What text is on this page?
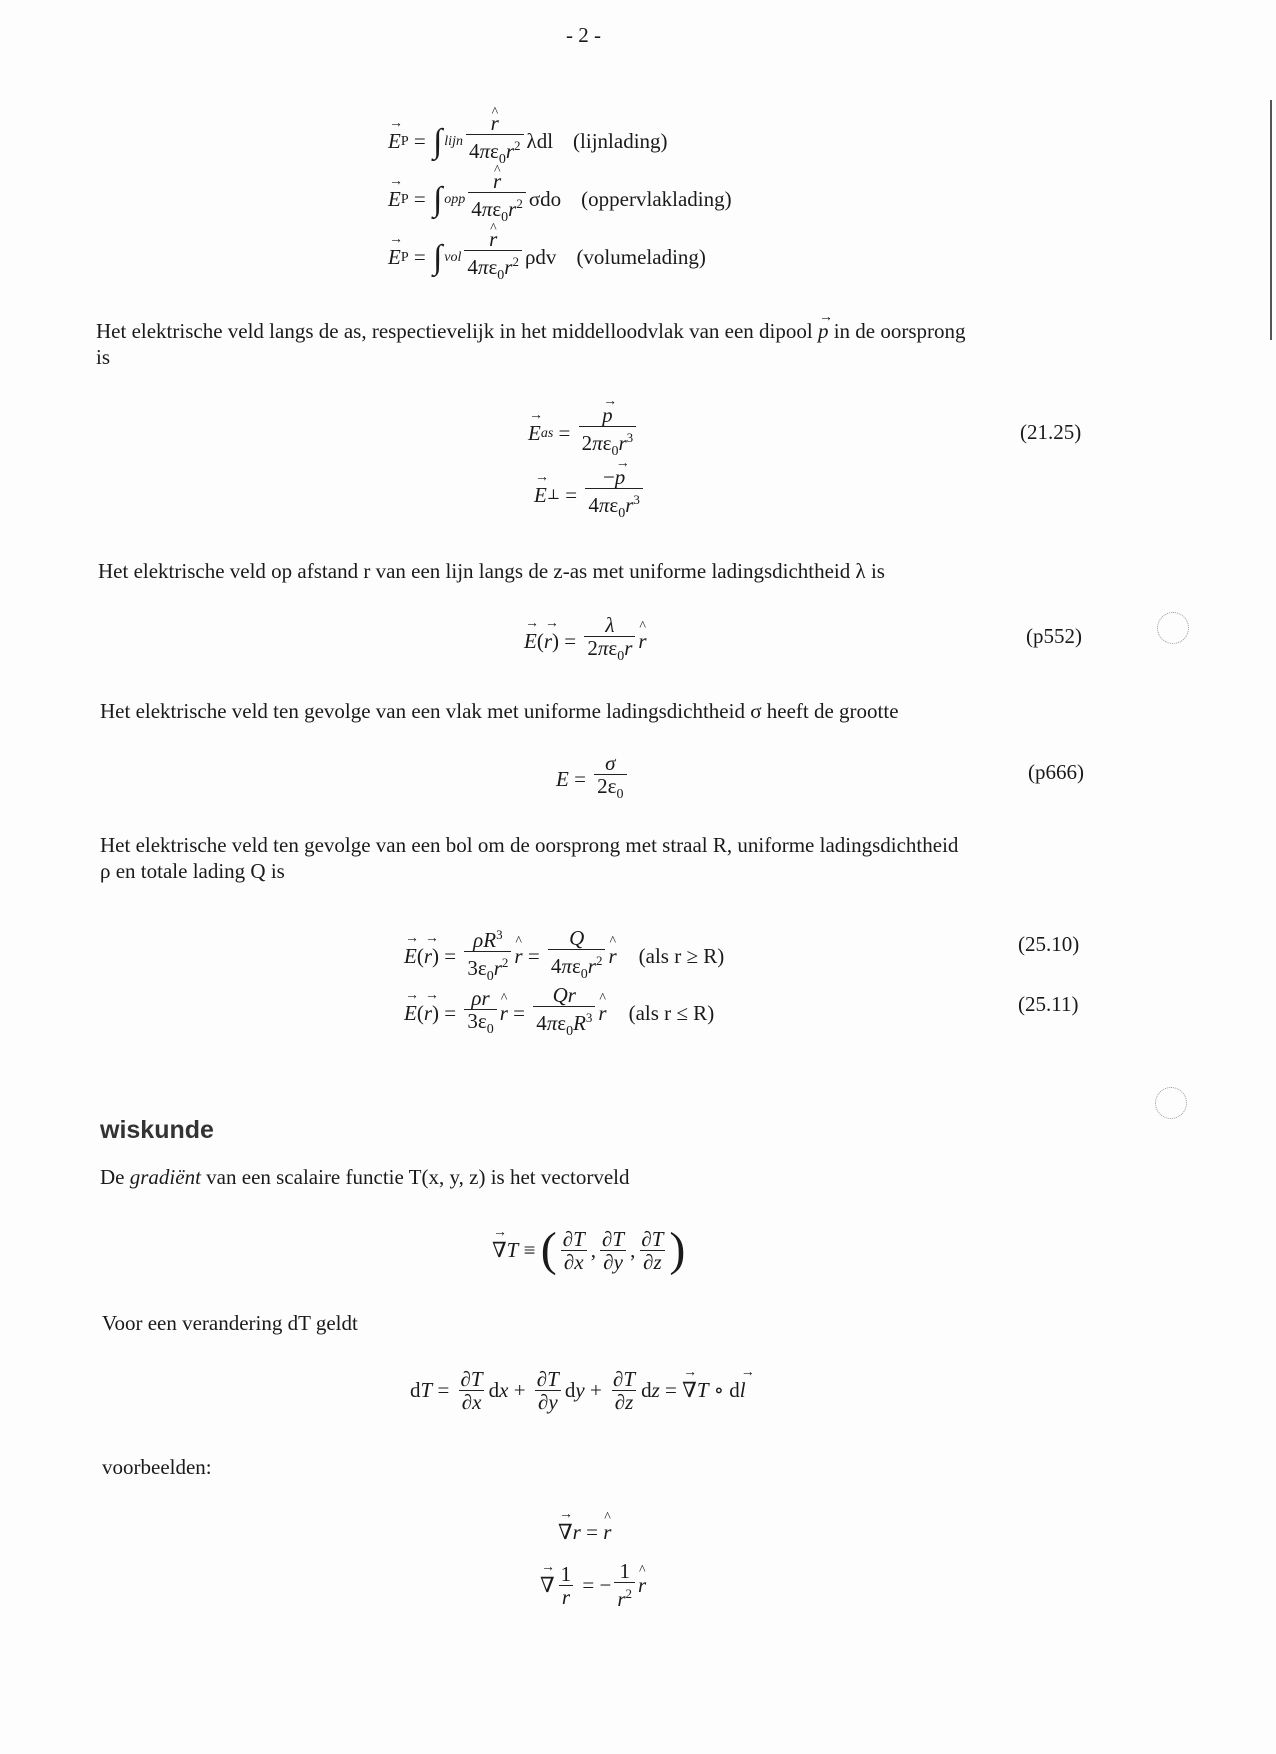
- 2 -
→ E P = ∫ lijn ^ $\frac{r}{4\pi\varepsilon_0r^2}$ λdl (lijnlading)
→ E P = ∫ opp ^ $\frac{r}{4\pi\varepsilon_0r^2}$ σdo (oppervlaklading)
→ E P = ∫ vol ^ $\frac{r}{4\pi\varepsilon_0r^2}$ ρdv (volumelading)
Het elektrische veld langs de as, respectievelijk in het middelloodvlak van een dipool → p in de oorsprong
is
→ E as = → $\frac{p}{2\pi\varepsilon_0r^3}$
→ E ⊥ = $\frac{-\to p}{4\pi\varepsilon_0r^3}$
(21.25)
Het elektrische veld op afstand r van een lijn langs de z-as met uniforme ladingsdichtheid λ is
→ E ( → r ) = $\frac{\lambda}{2\pi\varepsilon_0r}$ ^ r	(p552)
Het elektrische veld ten gevolge van een vlak met uniforme ladingsdichtheid σ heeft de grootte
$E = \frac{\sigma}{2\varepsilon_0}$	(p666)
Het elektrische veld ten gevolge van een bol om de oorsprong met straal R, uniforme ladingsdichtheid
ρ en totale lading Q is
→ E ( → r ) = $\frac{\rho R^3}{3\varepsilon_0r^2}$ ^ $r = \frac{Q}{4\pi\varepsilon_0r^2}$ ^ r (als r ≥ R)	(25.10)
→ E ( → r ) = $\frac{\rho r}{3\varepsilon_0}$ ^ $r = \frac{Qr}{4\pi\varepsilon_0R^3}$ ^ r (als r ≤ R)	(25.11)
wiskunde
De gradiënt van een scalaire functie T(x, y, z) is het vectorveld
→ ∇ T ≡ ( $\frac{\partial T}{\partial x}$ , $\frac{\partial T}{\partial y}$ , $\frac{\partial T}{\partial z}$ )
Voor een verandering dT geldt
d $T = \frac{\partial T}{\partial x}$ d $x + \frac{\partial T}{\partial y}$ d $y + \frac{\partial T}{\partial z}$ d z = → ∇ T ∘ d → l
voorbeelden:
→ ∇ r = ^ r
→ ∇ $\frac{1}{r}$ = − $\frac{1}{r^2}$ ^ r
